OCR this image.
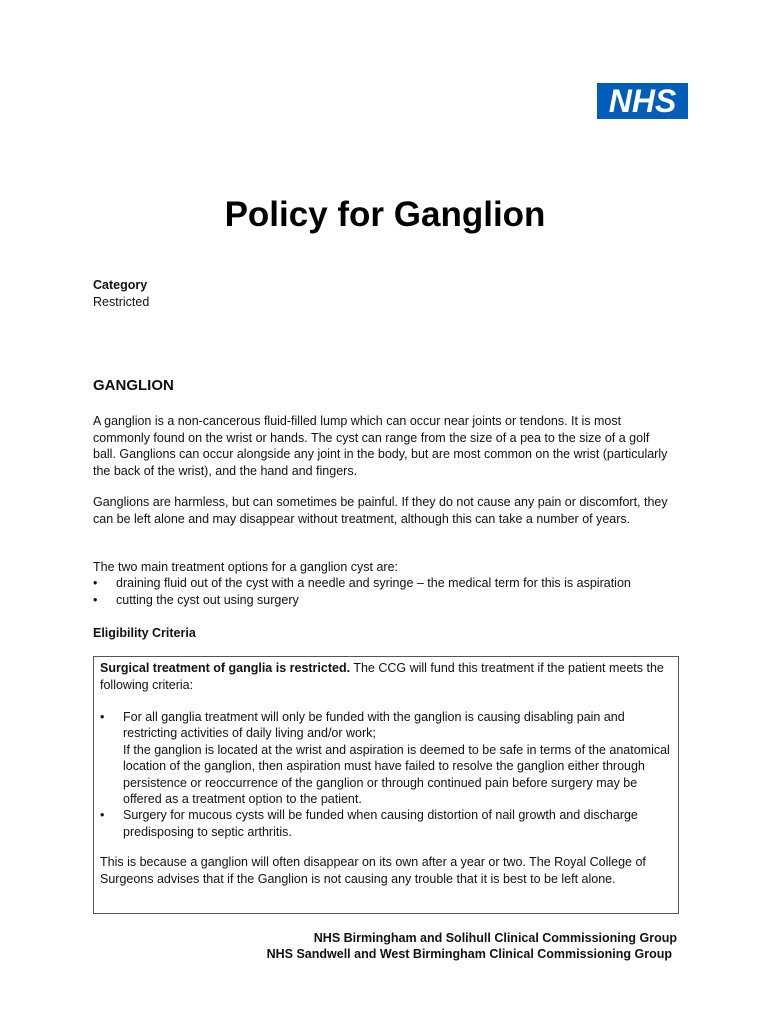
NHS
Policy for Ganglion
Category
Restricted
GANGLION

A ganglion is a non-cancerous fluid-filled lump which can occur near joints or tendons. It is most commonly found on the wrist or hands. The cyst can range from the size of a pea to the size of a golf ball. Ganglions can occur alongside any joint in the body, but are most common on the wrist (particularly the back of the wrist), and the hand and fingers.

Ganglions are harmless, but can sometimes be painful. If they do not cause any pain or discomfort, they can be left alone and may disappear without treatment, although this can take a number of years.

The two main treatment options for a ganglion cyst are:

• draining fluid out of the cyst with a needle and syringe – the medical term for this is aspiration
• cutting the cyst out using surgery
Eligibility Criteria

Surgical treatment of ganglia is restricted. The CCG will fund this treatment if the patient meets the following criteria:

• For all ganglia treatment will only be funded with the ganglion is causing disabling pain and restricting activities of daily living and/or work;
If the ganglion is located at the wrist and aspiration is deemed to be safe in terms of the anatomical location of the ganglion, then aspiration must have failed to resolve the ganglion either through persistence or reoccurrence of the ganglion or through continued pain before surgery may be offered as a treatment option to the patient.
• Surgery for mucous cysts will be funded when causing distortion of nail growth and discharge predisposing to septic arthritis.

This is because a ganglion will often disappear on its own after a year or two. The Royal College of Surgeons advises that if the Ganglion is not causing any trouble that it is best to be left alone.

NHS Birmingham and Solihull Clinical Commissioning Group
NHS Sandwell and West Birmingham Clinical Commissioning Group
